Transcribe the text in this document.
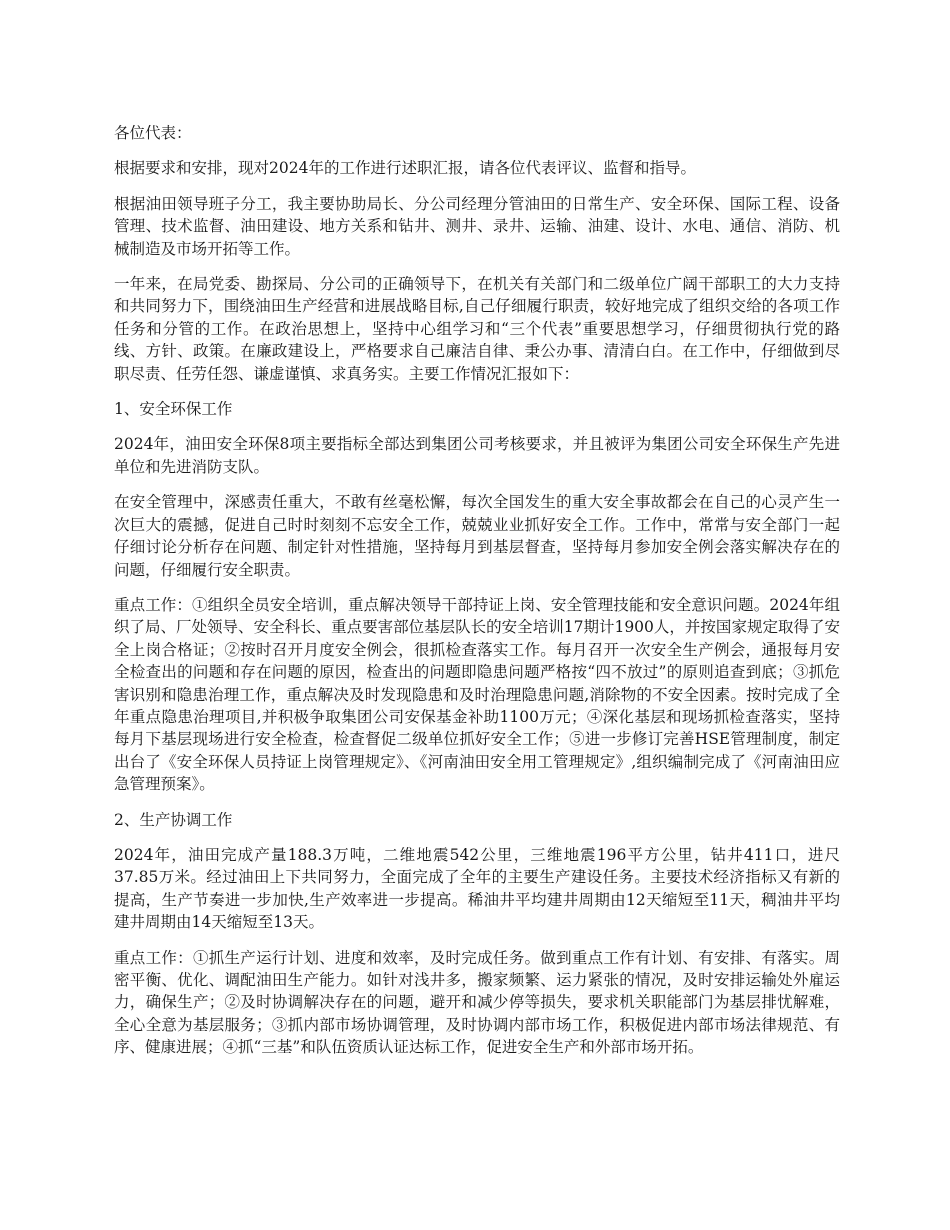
各位代表：

根据要求和安排，现对2024年的工作进行述职汇报，请各位代表评议、监督和指导。

根据油田领导班子分工，我主要协助局长、分公司经理分管油田的日常生产、安全环保、国际工程、设备管理、技术监督、油田建设、地方关系和钻井、测井、录井、运输、油建、设计、水电、通信、消防、机械制造及市场开拓等工作。

一年来，在局党委、勘探局、分公司的正确领导下，在机关有关部门和二级单位广阔干部职工的大力支持和共同努力下，围绕油田生产经营和进展战略目标,自己仔细履行职责，较好地完成了组织交给的各项工作任务和分管的工作。在政治思想上，坚持中心组学习和“三个代表”重要思想学习，仔细贯彻执行党的路线、方针、政策。在廉政建设上，严格要求自己廉洁自律、秉公办事、清清白白。在工作中，仔细做到尽职尽责、任劳任怨、谦虚谨慎、求真务实。主要工作情况汇报如下：

1、安全环保工作

2024年，油田安全环保8项主要指标全部达到集团公司考核要求，并且被评为集团公司安全环保生产先进单位和先进消防支队。

在安全管理中，深感责任重大，不敢有丝毫松懈，每次全国发生的重大安全事故都会在自己的心灵产生一次巨大的震撼，促进自己时时刻刻不忘安全工作，兢兢业业抓好安全工作。工作中，常常与安全部门一起仔细讨论分析存在问题、制定针对性措施，坚持每月到基层督查，坚持每月参加安全例会落实解决存在的问题，仔细履行安全职责。

重点工作：①组织全员安全培训，重点解决领导干部持证上岗、安全管理技能和安全意识问题。2024年组织了局、厂处领导、安全科长、重点要害部位基层队长的安全培训17期计1900人，并按国家规定取得了安全上岗合格证；②按时召开月度安全例会，很抓检查落实工作。每月召开一次安全生产例会，通报每月安全检查出的问题和存在问题的原因，检查出的问题即隐患问题严格按“四不放过”的原则追查到底；③抓危害识别和隐患治理工作，重点解决及时发现隐患和及时治理隐患问题,消除物的不安全因素。按时完成了全年重点隐患治理项目,并积极争取集团公司安保基金补助1100万元；④深化基层和现场抓检查落实，坚持每月下基层现场进行安全检查，检查督促二级单位抓好安全工作；⑤进一步修订完善HSE管理制度，制定出台了《安全环保人员持证上岗管理规定》、《河南油田安全用工管理规定》,组织编制完成了《河南油田应急管理预案》。

2、生产协调工作

2024年，油田完成产量188.3万吨，二维地震542公里，三维地震196平方公里，钻井411口，进尺37.85万米。经过油田上下共同努力，全面完成了全年的主要生产建设任务。主要技术经济指标又有新的提高，生产节奏进一步加快,生产效率进一步提高。稀油井平均建井周期由12天缩短至11天，稠油井平均建井周期由14天缩短至13天。

重点工作：①抓生产运行计划、进度和效率，及时完成任务。做到重点工作有计划、有安排、有落实。周密平衡、优化、调配油田生产能力。如针对浅井多，搬家频繁、运力紧张的情况，及时安排运输处外雇运力，确保生产；②及时协调解决存在的问题，避开和减少停等损失，要求机关职能部门为基层排忧解难，全心全意为基层服务；③抓内部市场协调管理，及时协调内部市场工作，积极促进内部市场法律规范、有序、健康进展；④抓“三基”和队伍资质认证达标工作，促进安全生产和外部市场开拓。
